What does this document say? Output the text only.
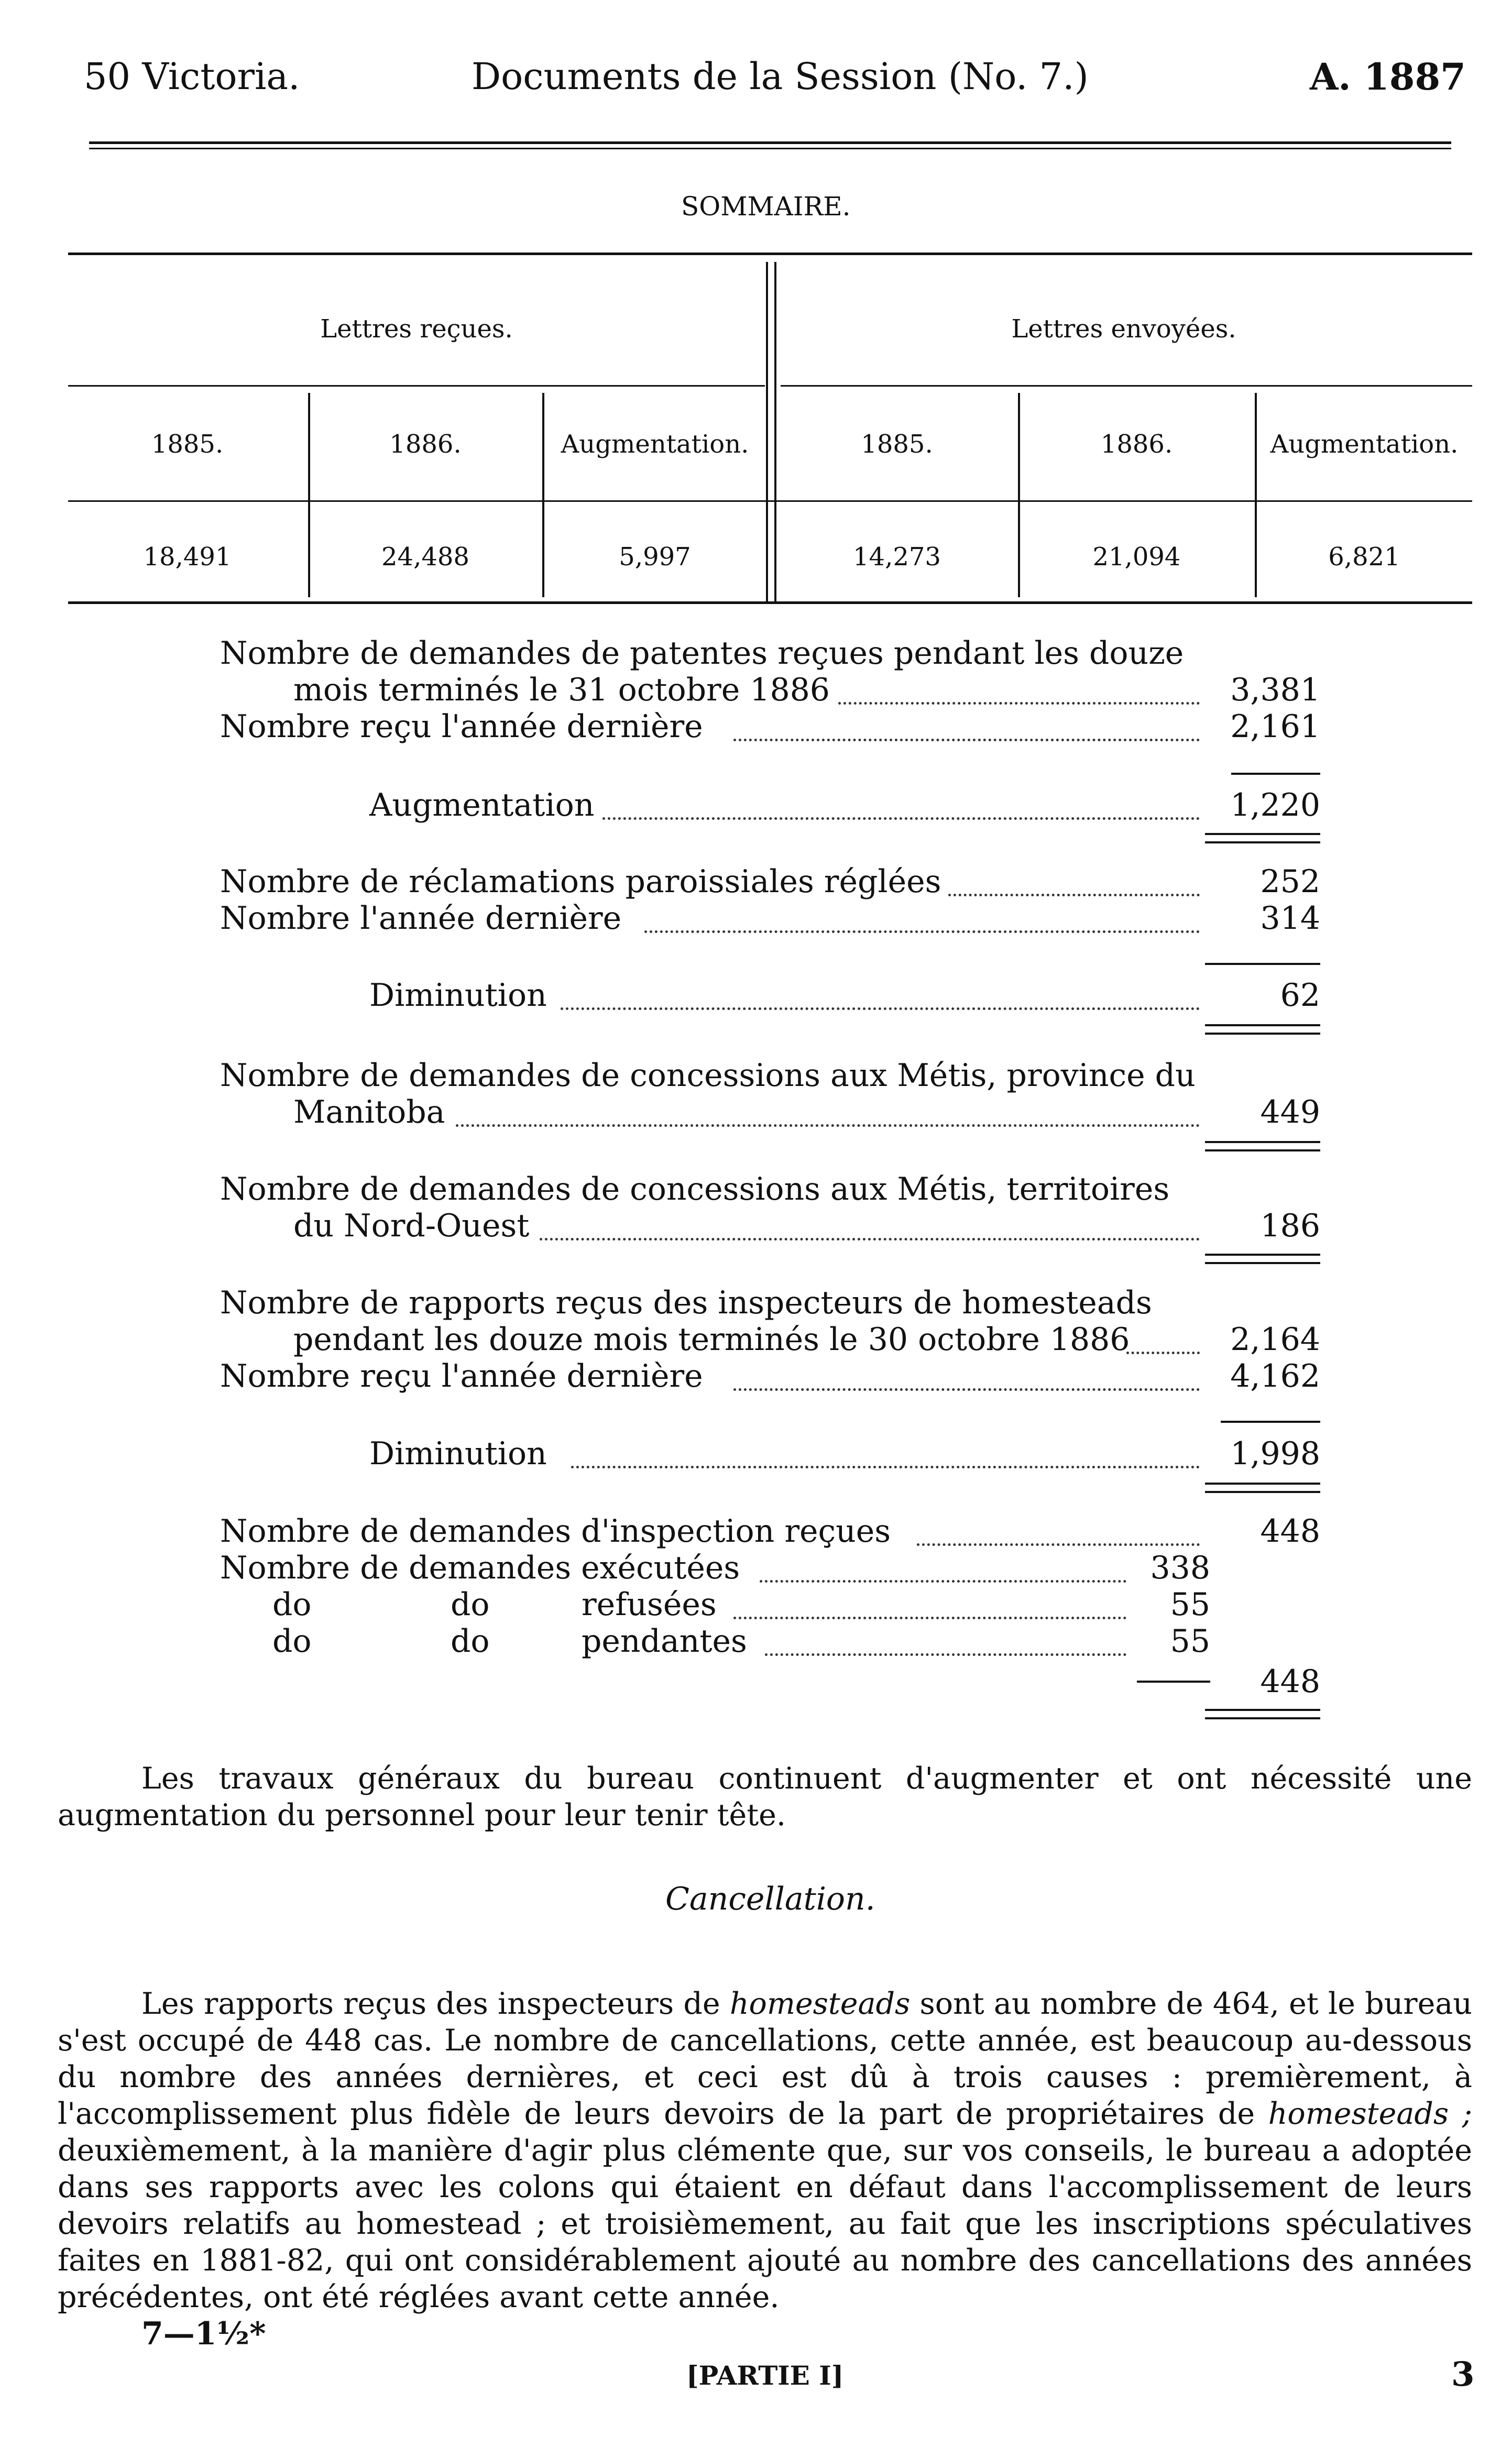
50 Victoria.	Documents de la Session (No. 7.)	A. 1887
SOMMAIRE.
Lettres reçues.	Lettres envoyées.
1885.	1886.	Augmentation.	1885.	1886.	Augmentation.
18,491	24,488	5,997	14,273	21,094	6,821
Nombre de demandes de patentes reçues pendant les douze
mois terminés le 31 octobre 1886	3,381
Nombre reçu l'année dernière	2,161
Augmentation	1,220
Nombre de réclamations paroissiales réglées	252
Nombre l'année dernière	314
Diminution	62
Nombre de demandes de concessions aux Métis, province du
Manitoba	449
Nombre de demandes de concessions aux Métis, territoires
du Nord-Ouest	186
Nombre de rapports reçus des inspecteurs de homesteads
pendant les douze mois terminés le 30 octobre 1886	2,164
Nombre reçu l'année dernière	4,162
Diminution	1,998
Nombre de demandes d'inspection reçues	448
Nombre de demandes exécutées	338
do	do	refusées	55
do	do	pendantes	55
448
Les travaux généraux du bureau continuent d'augmenter et ont nécessité une augmentation du personnel pour leur tenir tête.
Cancellation.
Les rapports reçus des inspecteurs de homesteads sont au nombre de 464, et le bureau s'est occupé de 448 cas. Le nombre de cancellations, cette année, est beaucoup au-dessous du nombre des années dernières, et ceci est dû à trois causes : premièrement, à l'accomplissement plus fidèle de leurs devoirs de la part de propriétaires de homesteads ; deuxièmement, à la manière d'agir plus clémente que, sur vos conseils, le bureau a adoptée dans ses rapports avec les colons qui étaient en défaut dans l'accomplissement de leurs devoirs relatifs au homestead ; et troisièmement, au fait que les inscriptions spéculatives faites en 1881-82, qui ont considérablement ajouté au nombre des cancellations des années précédentes, ont été réglées avant cette année.
7—1½*
[PARTIE I]	3
